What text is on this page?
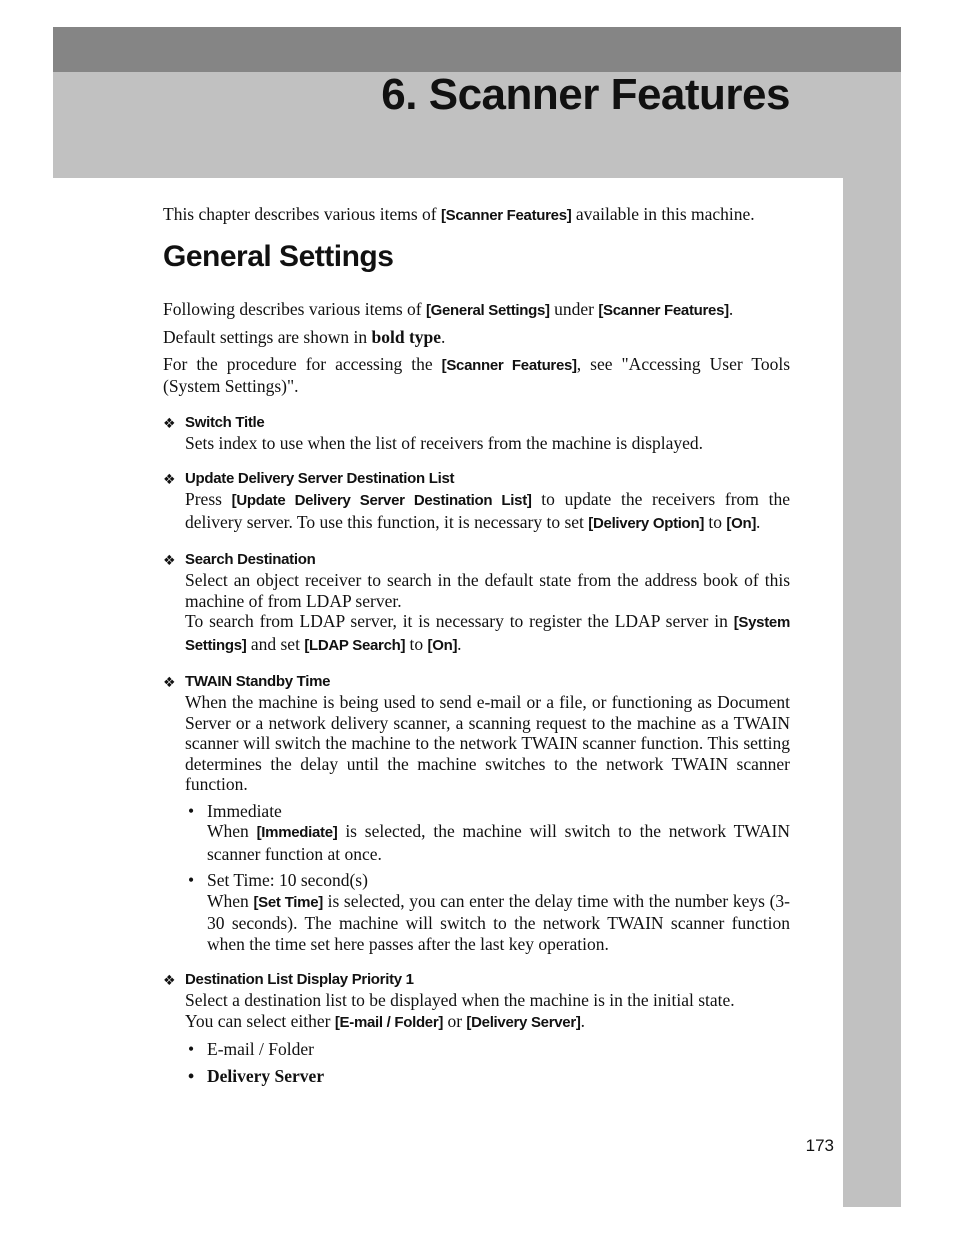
6. Scanner Features

This chapter describes various items of [Scanner Features] available in this machine.

General Settings

Following describes various items of [General Settings] under [Scanner Features].

Default settings are shown in bold type.

For the procedure for accessing the [Scanner Features], see "Accessing User Tools (System Settings)".

❖ Switch Title

Sets index to use when the list of receivers from the machine is displayed.

❖ Update Delivery Server Destination List

Press [Update Delivery Server Destination List] to update the receivers from the delivery server. To use this function, it is necessary to set [Delivery Option] to [On].

❖ Search Destination

Select an object receiver to search in the default state from the address book of this machine of from LDAP server.

To search from LDAP server, it is necessary to register the LDAP server in [System Settings] and set [LDAP Search] to [On].

❖ TWAIN Standby Time

When the machine is being used to send e-mail or a file, or functioning as Document Server or a network delivery scanner, a scanning request to the machine as a TWAIN scanner will switch the machine to the network TWAIN scanner function. This setting determines the delay until the machine switches to the network TWAIN scanner function.

• Immediate

When [Immediate] is selected, the machine will switch to the network TWAIN scanner function at once.

• Set Time: 10 second(s)

When [Set Time] is selected, you can enter the delay time with the number keys (3-30 seconds). The machine will switch to the network TWAIN scanner function when the time set here passes after the last key operation.

❖ Destination List Display Priority 1

Select a destination list to be displayed when the machine is in the initial state.

You can select either [E-mail / Folder] or [Delivery Server].

• E-mail / Folder
• Delivery Server
173
